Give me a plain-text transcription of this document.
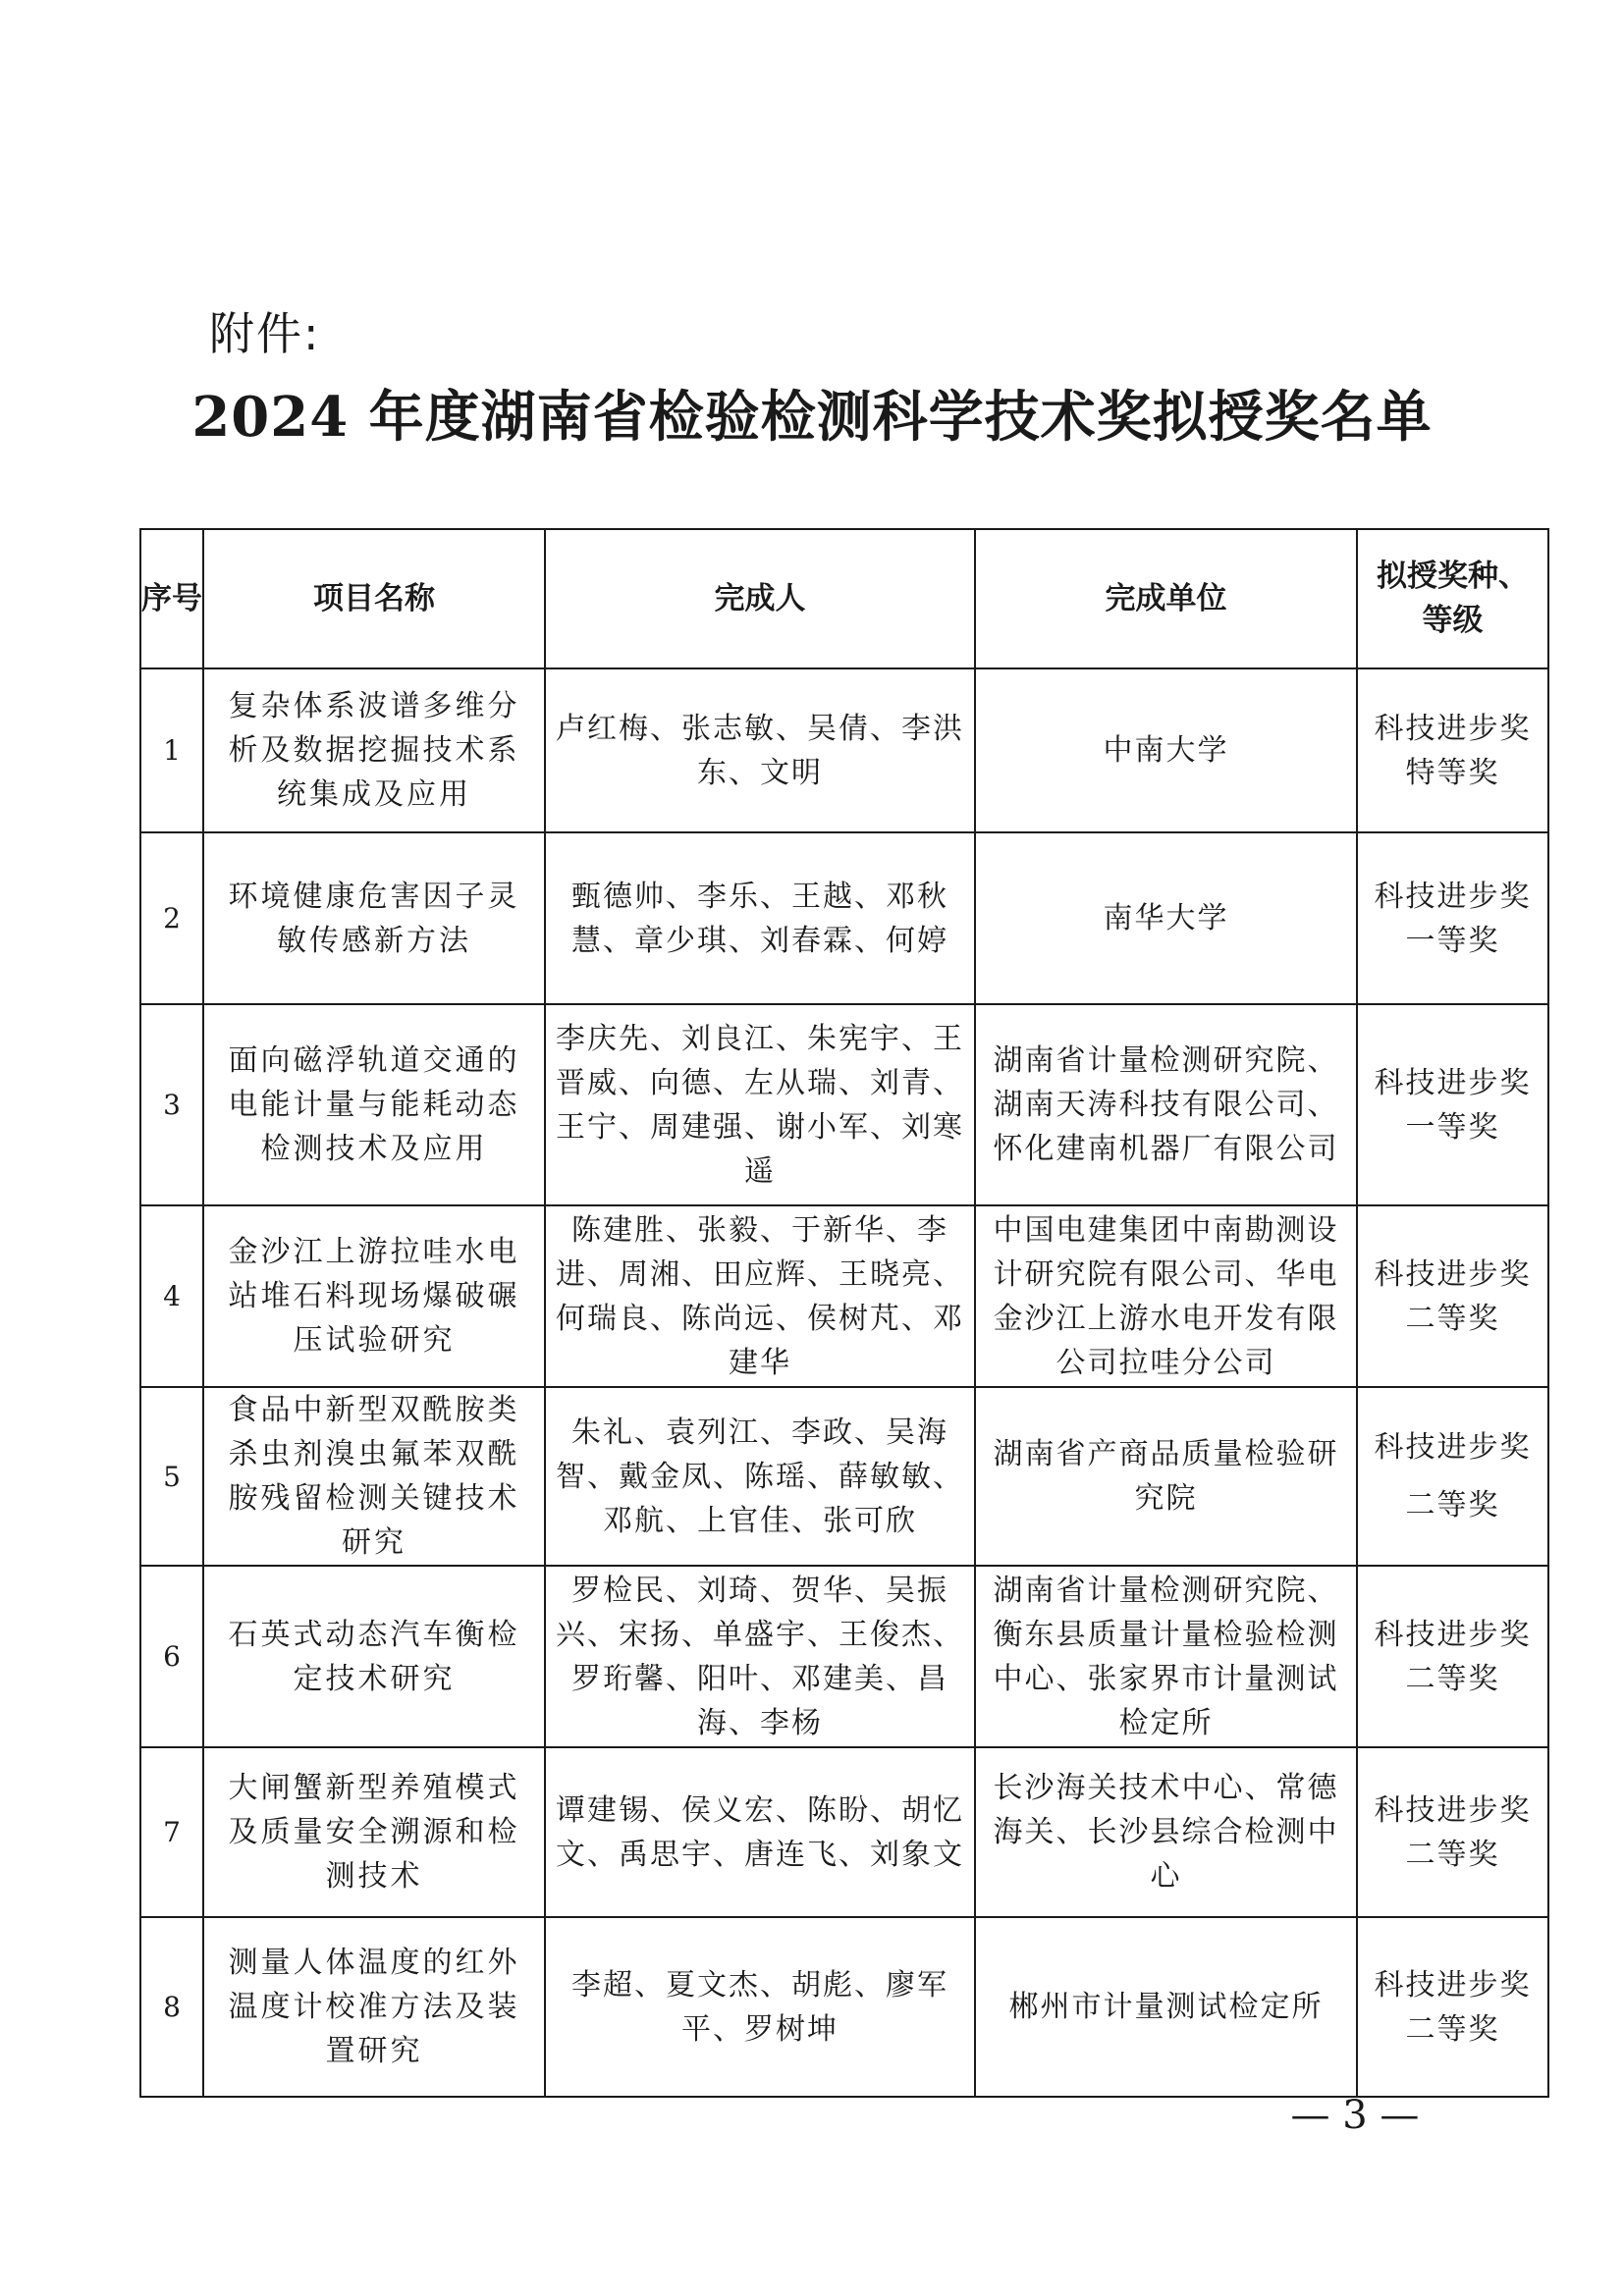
附件:
2024 年度湖南省检验检测科学技术奖拟授奖名单
序号	项目名称	完成人	完成单位	拟授奖种、等级
1	复杂体系波谱多维分析及数据挖掘技术系统集成及应用	卢红梅、张志敏、吴倩、李洪东、文明	中南大学	科技进步奖
特等奖

2	环境健康危害因子灵敏传感新方法	甄德帅、李乐、王越、邓秋慧、章少琪、刘春霖、何婷	南华大学	科技进步奖
一等奖

3	面向磁浮轨道交通的电能计量与能耗动态检测技术及应用	李庆先、刘良江、朱宪宇、王晋威、向德、左从瑞、刘青、王宁、周建强、谢小军、刘寒遥	湖南省计量检测研究院、湖南天涛科技有限公司、怀化建南机器厂有限公司	科技进步奖
一等奖

4	金沙江上游拉哇水电站堆石料现场爆破碾压试验研究	陈建胜、张毅、于新华、李进、周湘、田应辉、王晓亮、何瑞良、陈尚远、侯树芃、邓建华	中国电建集团中南勘测设计研究院有限公司、华电金沙江上游水电开发有限公司拉哇分公司	科技进步奖
二等奖

5	食品中新型双酰胺类杀虫剂溴虫氟苯双酰胺残留检测关键技术研究	朱礼、袁列江、李政、吴海智、戴金凤、陈瑶、薛敏敏、邓航、上官佳、张可欣	湖南省产商品质量检验研究院	科技进步奖
二等奖

6	石英式动态汽车衡检定技术研究	罗检民、刘琦、贺华、吴振兴、宋扬、单盛宇、王俊杰、罗珩馨、阳叶、邓建美、昌海、李杨	湖南省计量检测研究院、衡东县质量计量检验检测中心、张家界市计量测试检定所	科技进步奖
二等奖

7	大闸蟹新型养殖模式及质量安全溯源和检测技术	谭建锡、侯义宏、陈盼、胡忆文、禹思宇、唐连飞、刘象文	长沙海关技术中心、常德海关、长沙县综合检测中心	科技进步奖
二等奖

8	测量人体温度的红外温度计校准方法及装置研究	李超、夏文杰、胡彪、廖军平、罗树坤	郴州市计量测试检定所	科技进步奖
二等奖
— 3 —
